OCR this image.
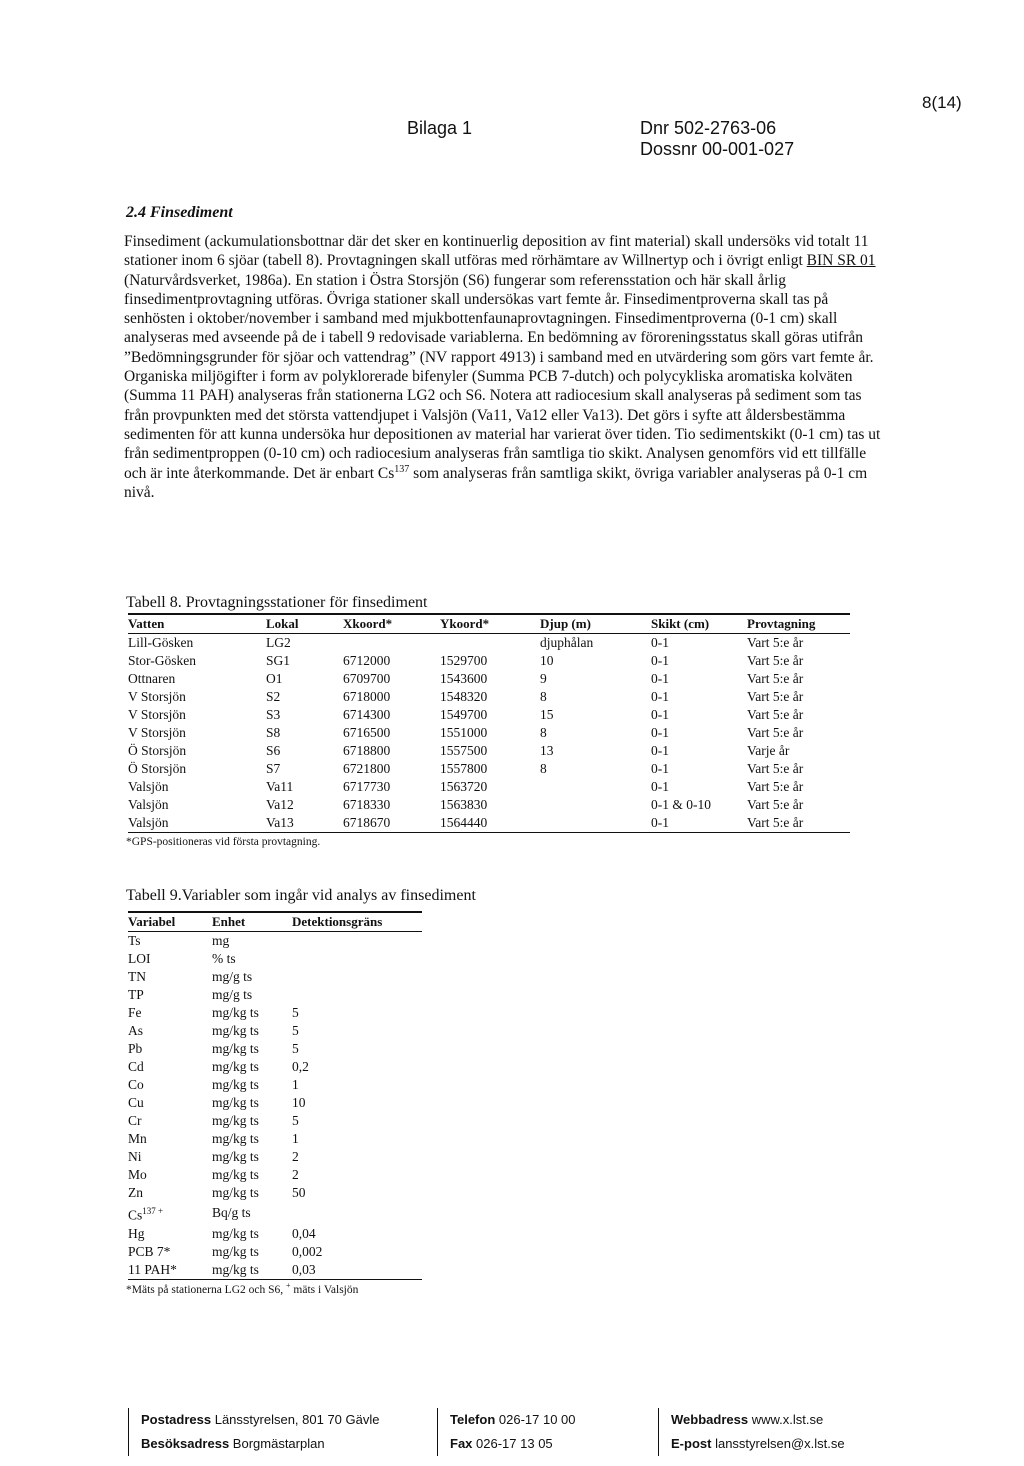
Bilaga 1	Dnr 502-2763-06
Dossnr 00-001-027
8(14)
2.4 Finsediment
Finsediment (ackumulationsbottnar där det sker en kontinuerlig deposition av fint material) skall undersöks vid totalt 11 stationer inom 6 sjöar (tabell 8). Provtagningen skall utföras med rörhämtare av Willnertyp och i övrigt enligt BIN SR 01 (Naturvårdsverket, 1986a). En station i Östra Storsjön (S6) fungerar som referensstation och här skall årlig finsedimentprovtagning utföras. Övriga stationer skall undersökas vart femte år. Finsedimentproverna skall tas på senhösten i oktober/november i samband med mjukbottenfaunaprovtagningen. Finsedimentproverna (0-1 cm) skall analyseras med avseende på de i tabell 9 redovisade variablerna. En bedömning av föroreningsstatus skall göras utifrån ”Bedömningsgrunder för sjöar och vattendrag” (NV rapport 4913) i samband med en utvärdering som görs vart femte år. Organiska miljögifter i form av polyklorerade bifenyler (Summa PCB 7-dutch) och polycykliska aromatiska kolväten (Summa 11 PAH) analyseras från stationerna LG2 och S6. Notera att radiocesium skall analyseras på sediment som tas från provpunkten med det största vattendjupet i Valsjön (Va11, Va12 eller Va13). Det görs i syfte att åldersbestämma sedimenten för att kunna undersöka hur depositionen av material har varierat över tiden. Tio sedimentskikt (0-1 cm) tas ut från sedimentproppen (0-10 cm) och radiocesium analyseras från samtliga tio skikt. Analysen genomförs vid ett tillfälle och är inte återkommande. Det är enbart Cs$^{137}$ som analyseras från samtliga skikt, övriga variabler analyseras på 0-1 cm nivå.
Tabell 8. Provtagningsstationer för finsediment
Vatten	Lokal	Xkoord*	Ykoord*	Djup (m)	Skikt (cm)	Provtagning
Lill-Gösken	LG2			djuphålan	0-1	Vart 5:e år
Stor-Gösken	SG1	6712000	1529700	10	0-1	Vart 5:e år
Ottnaren	O1	6709700	1543600	9	0-1	Vart 5:e år
V Storsjön	S2	6718000	1548320	8	0-1	Vart 5:e år
V Storsjön	S3	6714300	1549700	15	0-1	Vart 5:e år
V Storsjön	S8	6716500	1551000	8	0-1	Vart 5:e år
Ö Storsjön	S6	6718800	1557500	13	0-1	Varje år
Ö Storsjön	S7	6721800	1557800	8	0-1	Vart 5:e år
Valsjön	Va11	6717730	1563720		0-1	Vart 5:e år
Valsjön	Va12	6718330	1563830		0-1 & 0-10	Vart 5:e år
Valsjön	Va13	6718670	1564440		0-1	Vart 5:e år
*GPS-positioneras vid första provtagning.
Tabell 9.Variabler som ingår vid analys av finsediment
Variabel	Enhet	Detektionsgräns
Ts	mg	
LOI	% ts	
TN	mg/g ts	
TP	mg/g ts	
Fe	mg/kg ts	5
As	mg/kg ts	5
Pb	mg/kg ts	5
Cd	mg/kg ts	0,2
Co	mg/kg ts	1
Cu	mg/kg ts	10
Cr	mg/kg ts	5
Mn	mg/kg ts	1
Ni	mg/kg ts	2
Mo	mg/kg ts	2
Zn	mg/kg ts	50
$Cs^{137 +}$	Bq/g ts	
Hg	mg/kg ts	0,04
PCB 7*	mg/kg ts	0,002
11 PAH*	mg/kg ts	0,03
*Mäts på stationerna LG2 och S6, + mäts i Valsjön
Postadress Länsstyrelsen, 801 70 Gävle
Besöksadress Borgmästarplan
Telefon 026-17 10 00
Fax 026-17 13 05
Webbadress www.x.lst.se
E-post lansstyrelsen@x.lst.se
